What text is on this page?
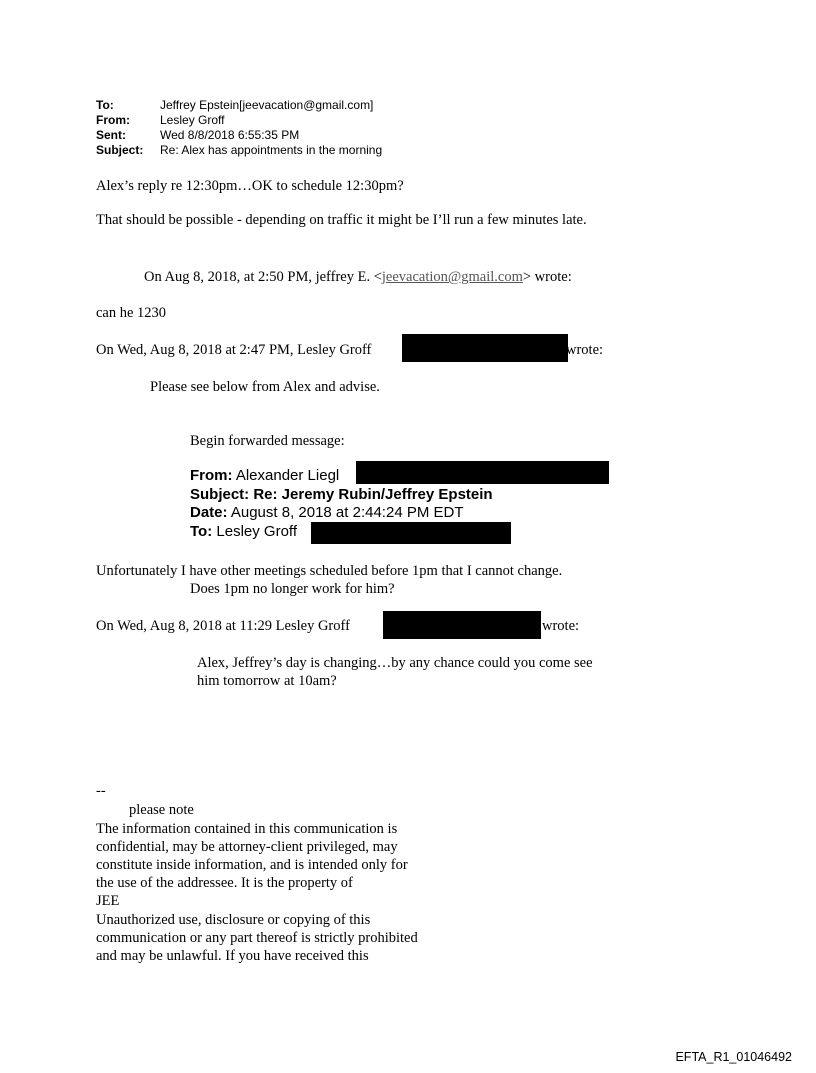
To:	Jeffrey Epstein[jeevacation@gmail.com]
From:	Lesley Groff
Sent:	Wed 8/8/2018 6:55:35 PM
Subject: Re: Alex has appointments in the morning
Alex’s reply re 12:30pm…OK to schedule 12:30pm?
That should be possible - depending on traffic it might be I’ll run a few minutes late.
On Aug 8, 2018, at 2:50 PM, jeffrey E. <jeevacation@gmail.com> wrote:
can he 1230
On Wed, Aug 8, 2018 at 2:47 PM, Lesley Groff	wrote:
Please see below from Alex and advise.
Begin forwarded message:
From: Alexander Liegl
Subject: Re: Jeremy Rubin/Jeffrey Epstein
Date: August 8, 2018 at 2:44:24 PM EDT
To: Lesley Groff
Unfortunately I have other meetings scheduled before 1pm that I cannot change.
Does 1pm no longer work for him?
On Wed, Aug 8, 2018 at 11:29 Lesley Groff	wrote:
Alex, Jeffrey’s day is changing…by any chance could you come see
him tomorrow at 10am?
--
please note
The information contained in this communication is
confidential, may be attorney-client privileged, may
constitute inside information, and is intended only for
the use of the addressee. It is the property of
JEE
Unauthorized use, disclosure or copying of this
communication or any part thereof is strictly prohibited
and may be unlawful. If you have received this
EFTA_R1_01046492
